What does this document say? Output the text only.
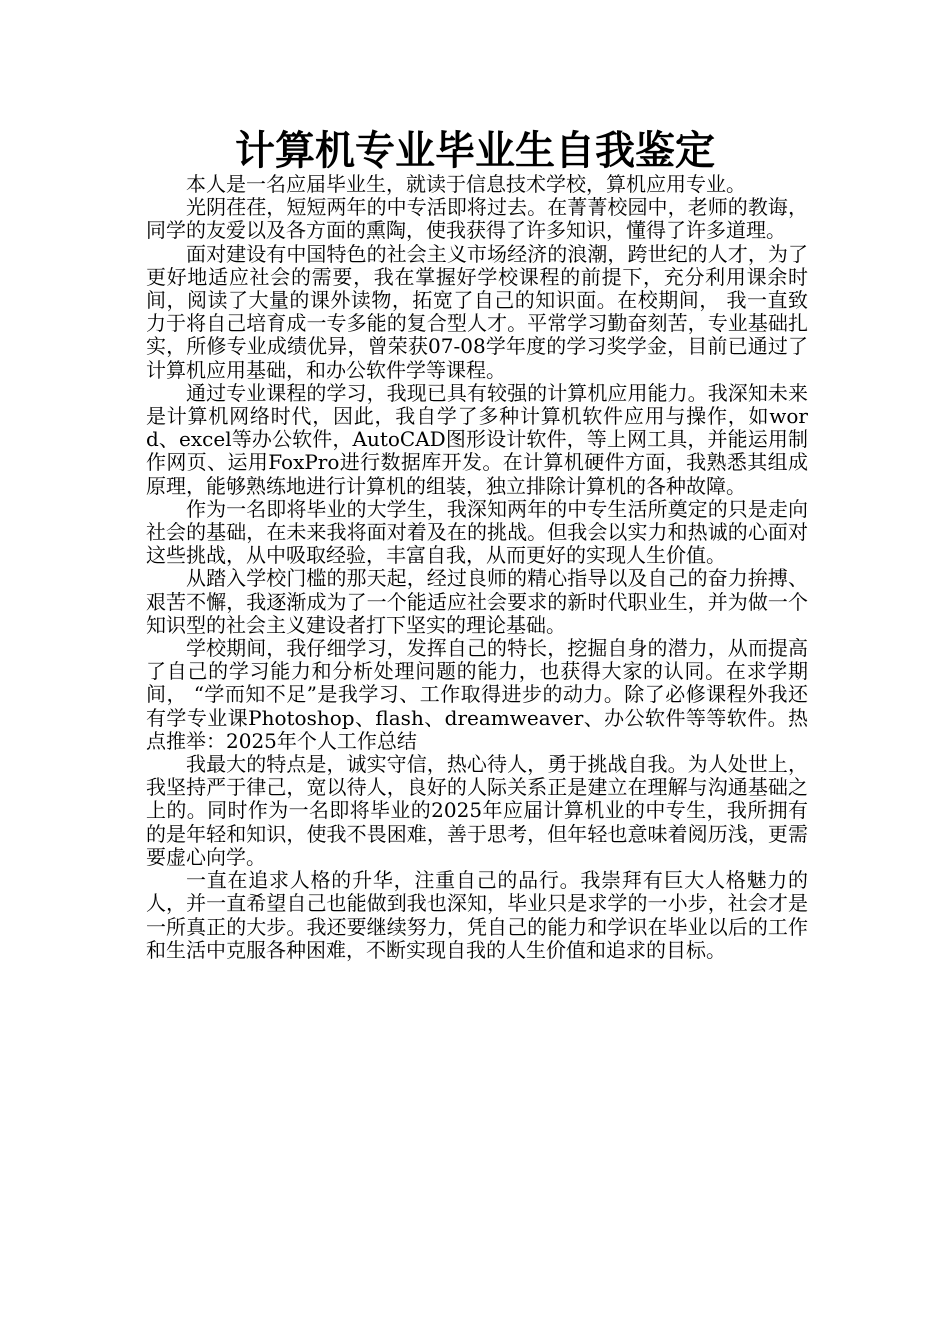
计算机专业毕业生自我鉴定

本人是一名应届毕业生，就读于信息技术学校，算机应用专业。

光阴荏荏，短短两年的中专活即将过去。在菁菁校园中，老师的教诲，同学的友爱以及各方面的熏陶，使我获得了许多知识，懂得了许多道理。

面对建设有中国特色的社会主义市场经济的浪潮，跨世纪的人才，为了更好地适应社会的需要，我在掌握好学校课程的前提下，充分利用课余时间，阅读了大量的课外读物，拓宽了自己的知识面。在校期间， 我一直致力于将自己培育成一专多能的复合型人才。平常学习勤奋刻苦，专业基础扎实，所修专业成绩优异，曾荣获07-08学年度的学习奖学金，目前已通过了计算机应用基础，和办公软件学等课程。

通过专业课程的学习，我现已具有较强的计算机应用能力。我深知未来是计算机网络时代，因此，我自学了多种计算机软件应用与操作，如word、excel等办公软件，AutoCAD图形设计软件，等上网工具，并能运用制作网页、运用FoxPro进行数据库开发。在计算机硬件方面，我熟悉其组成原理，能够熟练地进行计算机的组装，独立排除计算机的各种故障。

作为一名即将毕业的大学生，我深知两年的中专生活所奠定的只是走向社会的基础，在未来我将面对着及在的挑战。但我会以实力和热诚的心面对这些挑战，从中吸取经验，丰富自我，从而更好的实现人生价值。

从踏入学校门槛的那天起，经过良师的精心指导以及自己的奋力拚搏、艰苦不懈，我逐渐成为了一个能适应社会要求的新时代职业生，并为做一个知识型的社会主义建设者打下坚实的理论基础。

学校期间，我仔细学习，发挥自己的特长，挖掘自身的潜力，从而提高了自己的学习能力和分析处理问题的能力，也获得大家的认同。在求学期间， “学而知不足”是我学习、工作取得进步的动力。除了必修课程外我还有学专业课Photoshop、flash、dreamweaver、办公软件等等软件。热点推举：2025年个人工作总结

我最大的特点是，诚实守信，热心待人，勇于挑战自我。为人处世上，我坚持严于律己，宽以待人，良好的人际关系正是建立在理解与沟通基础之上的。同时作为一名即将毕业的2025年应届计算机业的中专生，我所拥有的是年轻和知识，使我不畏困难，善于思考，但年轻也意味着阅历浅，更需要虚心向学。

一直在追求人格的升华，注重自己的品行。我崇拜有巨大人格魅力的人，并一直希望自己也能做到我也深知，毕业只是求学的一小步，社会才是一所真正的大步。我还要继续努力，凭自己的能力和学识在毕业以后的工作和生活中克服各种困难，不断实现自我的人生价值和追求的目标。
